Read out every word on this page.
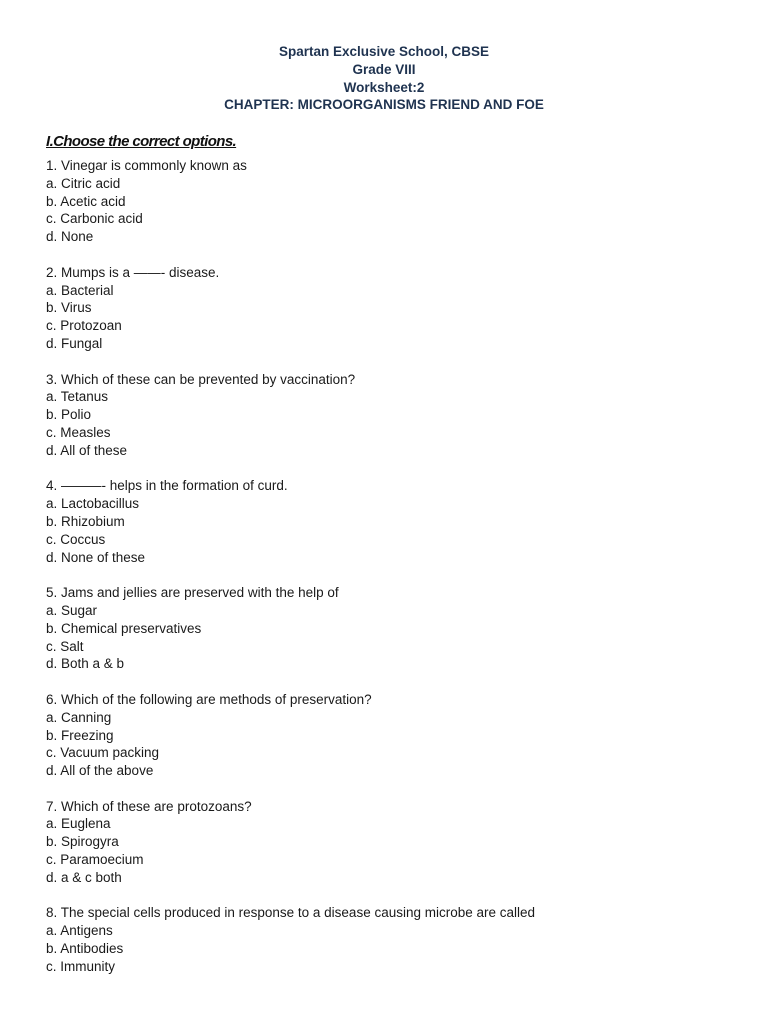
Spartan Exclusive School, CBSE
Grade VIII
Worksheet:2
CHAPTER: MICROORGANISMS FRIEND AND FOE
I.Choose the correct options.
1. Vinegar is commonly known as
a. Citric acid
b. Acetic acid
c. Carbonic acid
d. None
2. Mumps is a ——- disease.
a. Bacterial
b. Virus
c. Protozoan
d. Fungal
3. Which of these can be prevented by vaccination?
a. Tetanus
b. Polio
c. Measles
d. All of these
4. ———- helps in the formation of curd.
a. Lactobacillus
b. Rhizobium
c. Coccus
d. None of these
5. Jams and jellies are preserved with the help of
a. Sugar
b. Chemical preservatives
c. Salt
d. Both a & b
6. Which of the following are methods of preservation?
a. Canning
b. Freezing
c. Vacuum packing
d. All of the above
7. Which of these are protozoans?
a. Euglena
b. Spirogyra
c. Paramoecium
d. a & c both
8. The special cells produced in response to a disease causing microbe are called
a. Antigens
b. Antibodies
c. Immunity
